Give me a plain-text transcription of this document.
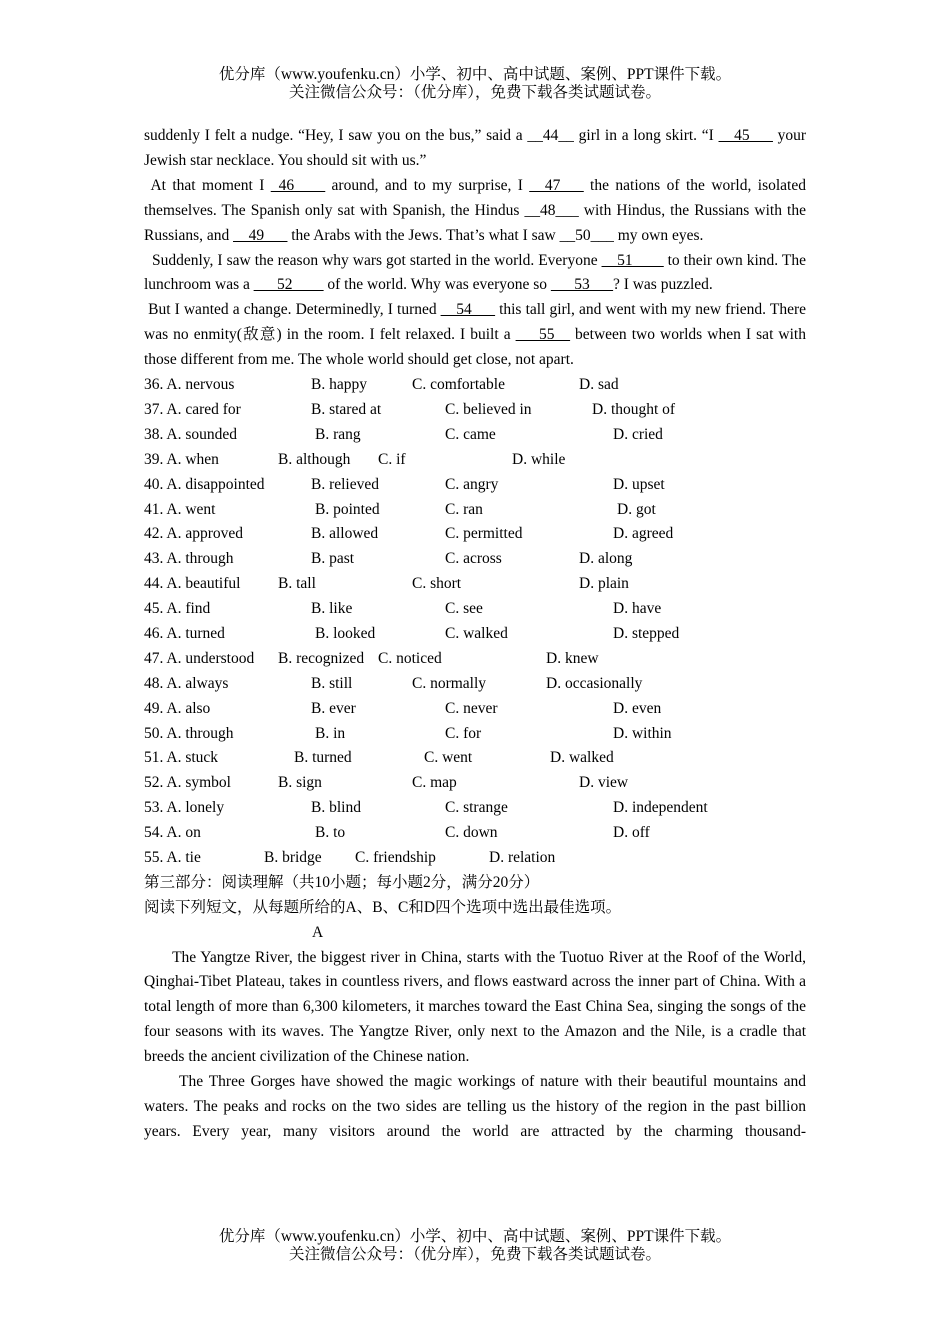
优分库（www.youfenku.cn）小学、初中、高中试题、案例、PPT课件下载。
关注微信公众号：（优分库），免费下载各类试题试卷。
suddenly I felt a nudge. “Hey, I saw you on the bus,” said a __44__ girl in a long skirt. “I __45___ your Jewish star necklace. You should sit with us.”
At that moment I _46____ around, and to my surprise, I __47___ the nations of the world, isolated themselves. The Spanish only sat with Spanish, the Hindus __48___ with Hindus, the Russians with the Russians, and __49___ the Arabs with the Jews. That’s what I saw __50___ my own eyes.
Suddenly, I saw the reason why wars got started in the world. Everyone __51____ to their own kind. The lunchroom was a ___52____ of the world. Why was everyone so ___53___? I was puzzled.
But I wanted a change. Determinedly, I turned __54___ this tall girl, and went with my new friend. There was no enmity(敌意) in the room. I felt relaxed. I built a ___55__ between two worlds when I sat with those different from me. The whole world should get close, not apart.
36. A. nervous	B. happy	C. comfortable	D. sad
37. A. cared for	B. stared at	C. believed in	D. thought of
38. A. sounded	B. rang	C. came	D. cried
39. A. when	B. although C. if	D. while
40. A. disappointed	B. relieved	C. angry	D. upset
41. A. went	B. pointed	C. ran	D. got
42. A. approved	B. allowed	C. permitted	D. agreed
43. A. through	B. past	C. across	D. along
44. A. beautiful B. tall	C. short	D. plain
45. A. find	B. like	C. see	D. have
46. A. turned	B. looked	C. walked	D. stepped
47. A. understood B. recognized C. noticed	D. knew
48. A. always	B. still	C. normally	D. occasionally
49. A. also	B. ever	C. never	D. even
50. A. through	B. in	C. for	D. within
51. A. stuck	B. turned	C. went	D. walked
52. A. symbol	B. sign	C. map	D. view
53. A. lonely	B. blind	C. strange	D. independent
54. A. on	B. to	C. down	D. off
55. A. tie	B. bridge C. friendship	D. relation
第三部分：阅读理解（共10小题；每小题2分，满分20分）
阅读下列短文，从每题所给的A、B、C和D四个选项中选出最佳选项。
A
The Yangtze River, the biggest river in China, starts with the Tuotuo River at the Roof of the World, Qinghai-Tibet Plateau, takes in countless rivers, and flows eastward across the inner part of China. With a total length of more than 6,300 kilometers, it marches toward the East China Sea, singing the songs of the four seasons with its waves. The Yangtze River, only next to the Amazon and the Nile, is a cradle that breeds the ancient civilization of the Chinese nation.
The Three Gorges have showed the magic workings of nature with their beautiful mountains and waters. The peaks and rocks on the two sides are telling us the history of the region in the past billion years. Every year, many visitors around the world are attracted by the charming thousand-
优分库（www.youfenku.cn）小学、初中、高中试题、案例、PPT课件下载。
关注微信公众号：（优分库），免费下载各类试题试卷。
